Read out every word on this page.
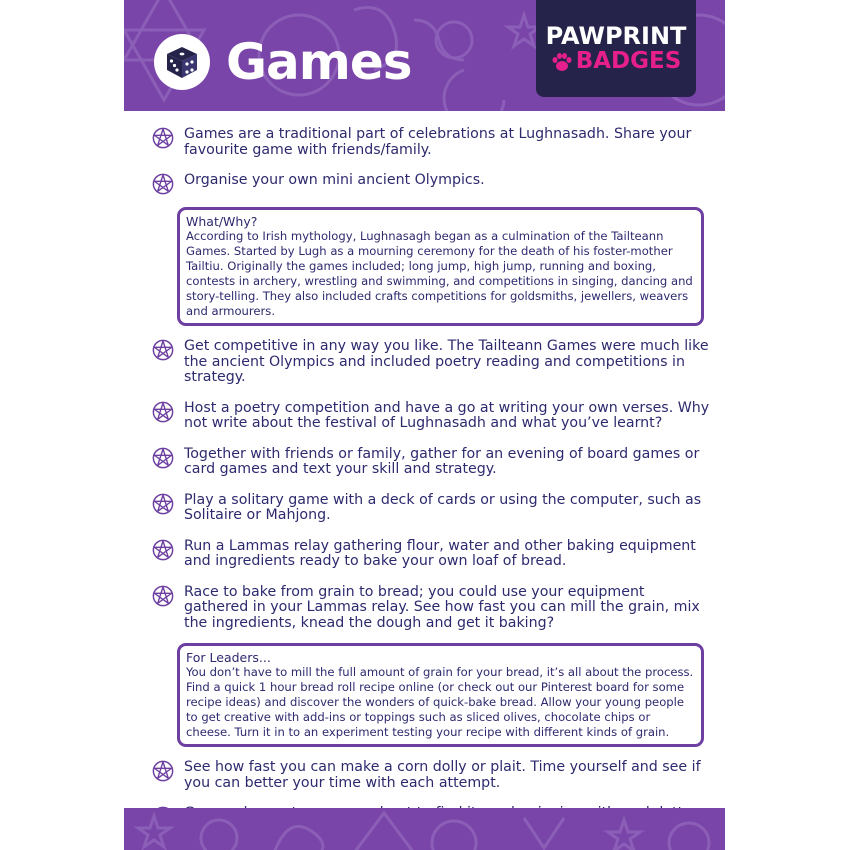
Games	PAWPRINT
BADGES
Games are a traditional part of celebrations at Lughnasadh. Share your favourite game with friends/family.
Organise your own mini ancient Olympics.
What/Why?
According to Irish mythology, Lughnasagh began as a culmination of the Tailteann Games. Started by Lugh as a mourning ceremony for the death of his foster-mother Tailtiu. Originally the games included; long jump, high jump, running and boxing, contests in archery, wrestling and swimming, and competitions in singing, dancing and story-telling. They also included crafts competitions for goldsmiths, jewellers, weavers and armourers.
Get competitive in any way you like. The Tailteann Games were much like the ancient Olympics and included poetry reading and competitions in strategy.
Host a poetry competition and have a go at writing your own verses. Why not write about the festival of Lughnasadh and what you’ve learnt?
Together with friends or family, gather for an evening of board games or card games and text your skill and strategy.
Play a solitary game with a deck of cards or using the computer, such as Solitaire or Mahjong.
Run a Lammas relay gathering flour, water and other baking equipment and ingredients ready to bake your own loaf of bread.
Race to bake from grain to bread; you could use your equipment gathered in your Lammas relay. See how fast you can mill the grain, mix the ingredients, knead the dough and get it baking?
For Leaders...
You don’t have to mill the full amount of grain for your bread, it’s all about the process. Find a quick 1 hour bread roll recipe online (or check out our Pinterest board for some recipe ideas) and discover the wonders of quick-bake bread. Allow your young people to get creative with add-ins or toppings such as sliced olives, chocolate chips or cheese. Turn it in to an experiment testing your recipe with different kinds of grain.
See how fast you can make a corn dolly or plait. Time yourself and see if you can better your time with each attempt.
